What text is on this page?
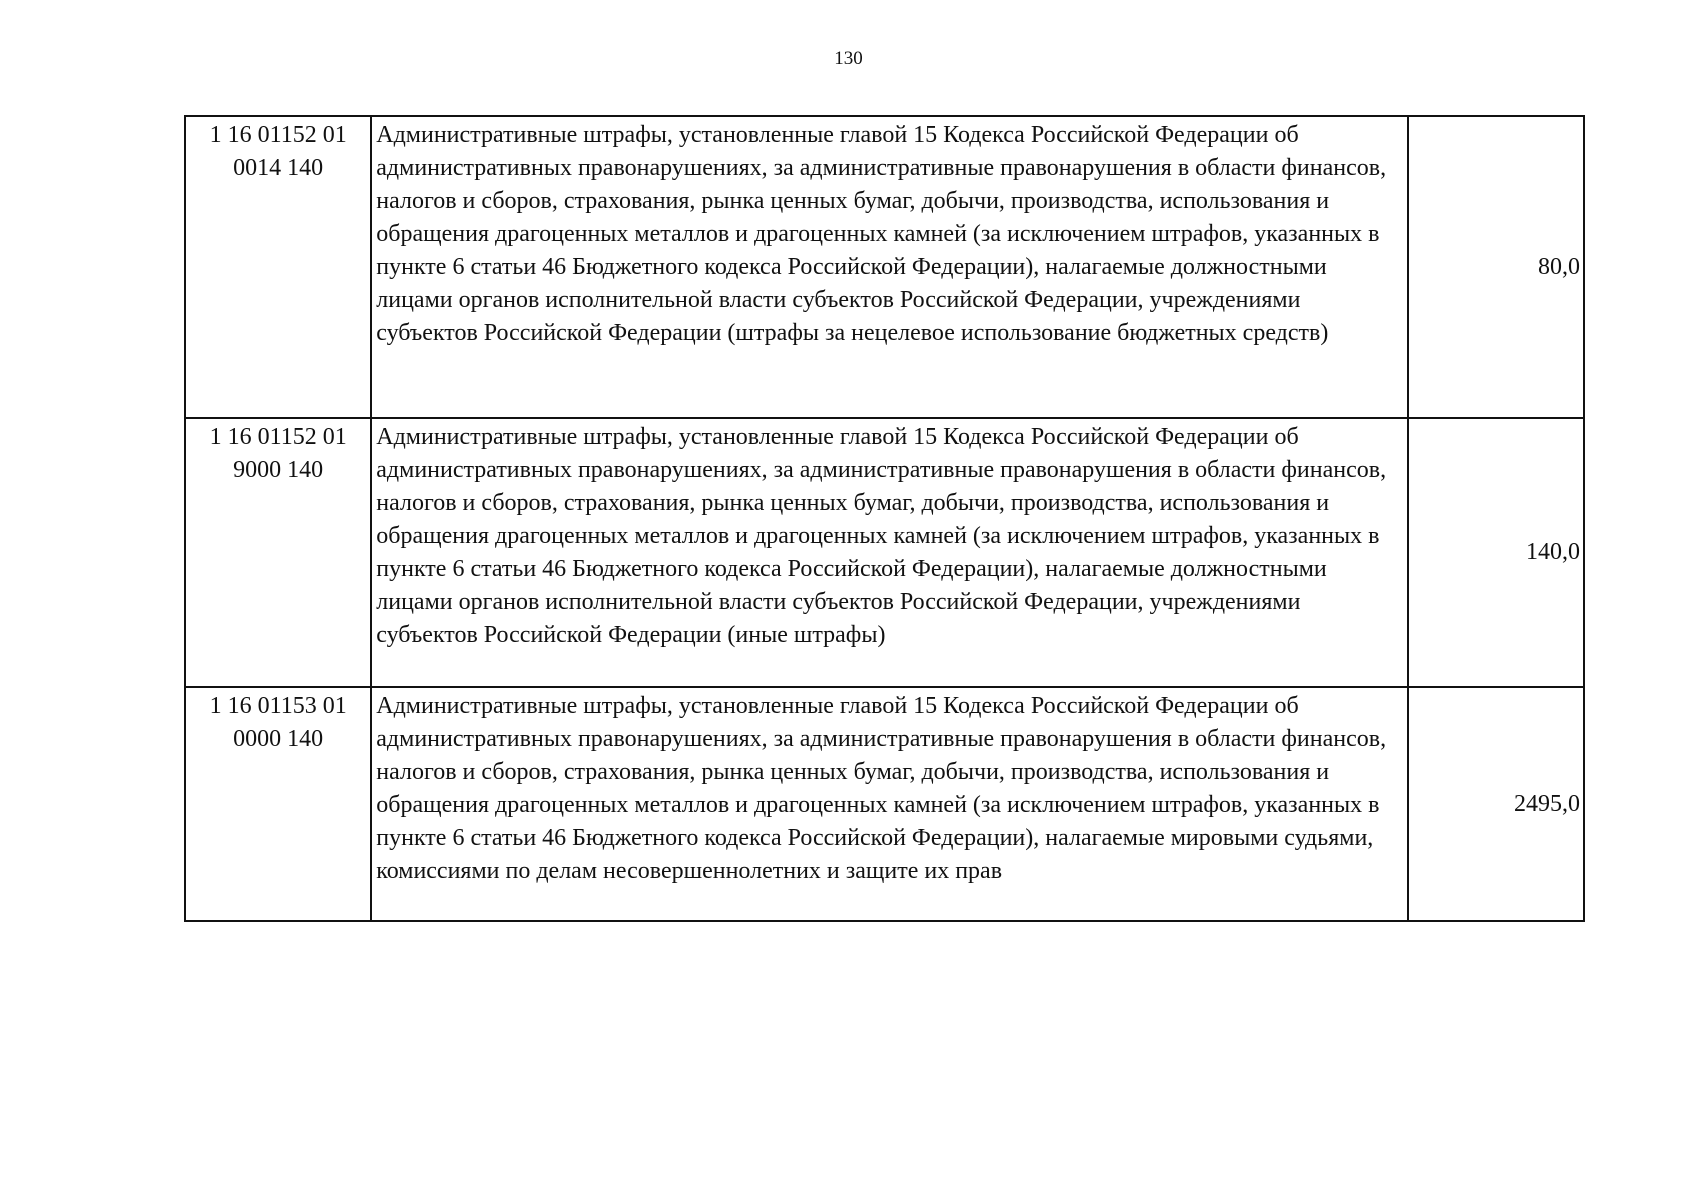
130
1 16 01152 01
0014 140	Административные штрафы, установленные главой 15 Кодекса Российской Федерации об административных правонарушениях, за административные правонарушения в области финансов, налогов и сборов, страхования, рынка ценных бумаг, добычи, производства, использования и обращения драгоценных металлов и драгоценных камней (за исключением штрафов, указанных в пункте 6 статьи 46 Бюджетного кодекса Российской Федерации), налагаемые должностными лицами органов исполнительной власти субъектов Российской Федерации, учреждениями субъектов Российской Федерации (штрафы за нецелевое использование бюджетных средств)	80,0

1 16 01152 01
9000 140	Административные штрафы, установленные главой 15 Кодекса Российской Федерации об административных правонарушениях, за административные правонарушения в области финансов, налогов и сборов, страхования, рынка ценных бумаг, добычи, производства, использования и обращения драгоценных металлов и драгоценных камней (за исключением штрафов, указанных в пункте 6 статьи 46 Бюджетного кодекса Российской Федерации), налагаемые должностными лицами органов исполнительной власти субъектов Российской Федерации, учреждениями субъектов Российской Федерации (иные штрафы)	140,0

1 16 01153 01
0000 140	Административные штрафы, установленные главой 15 Кодекса Российской Федерации об административных правонарушениях, за административные правонарушения в области финансов, налогов и сборов, страхования, рынка ценных бумаг, добычи, производства, использования и обращения драгоценных металлов и драгоценных камней (за исключением штрафов, указанных в пункте 6 статьи 46 Бюджетного кодекса Российской Федерации), налагаемые мировыми судьями, комиссиями по делам несовершеннолетних и защите их прав	2495,0
